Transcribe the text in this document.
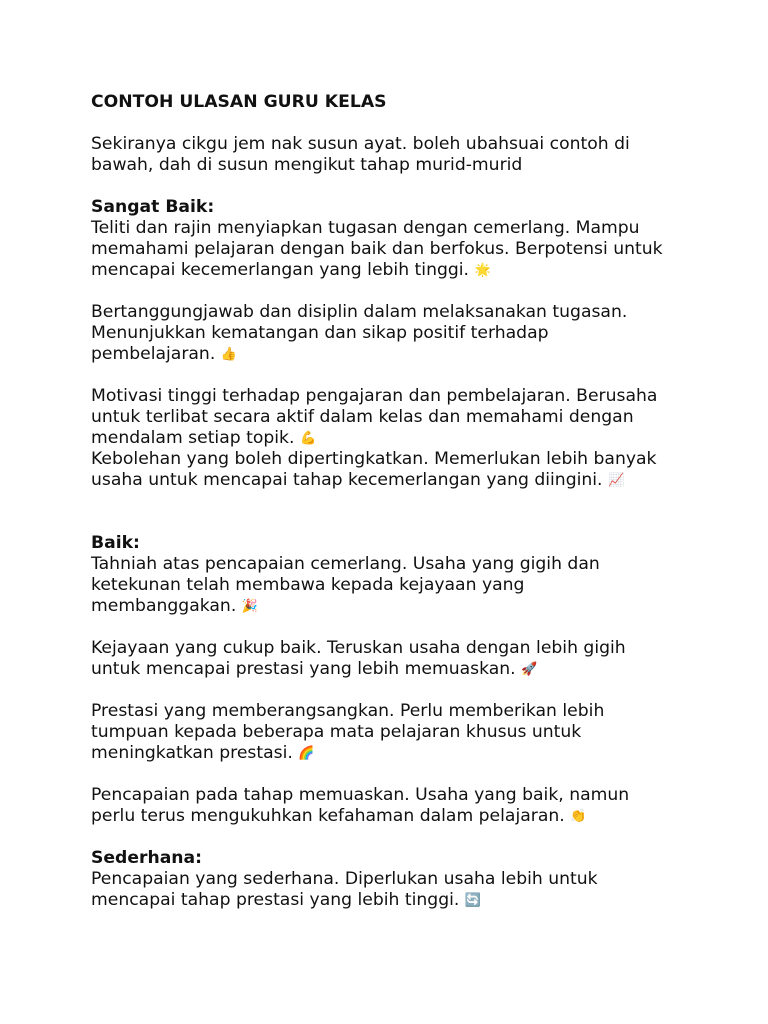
CONTOH ULASAN GURU KELAS
Sekiranya cikgu jem nak susun ayat. boleh ubahsuai contoh di
bawah, dah di susun mengikut tahap murid-murid
Sangat Baik:
Teliti dan rajin menyiapkan tugasan dengan cemerlang. Mampu
memahami pelajaran dengan baik dan berfokus. Berpotensi untuk
mencapai kecemerlangan yang lebih tinggi. 🌟
Bertanggungjawab dan disiplin dalam melaksanakan tugasan.
Menunjukkan kematangan dan sikap positif terhadap
pembelajaran. 👍
Motivasi tinggi terhadap pengajaran dan pembelajaran. Berusaha
untuk terlibat secara aktif dalam kelas dan memahami dengan
mendalam setiap topik. 💪
Kebolehan yang boleh dipertingkatkan. Memerlukan lebih banyak
usaha untuk mencapai tahap kecemerlangan yang diingini. 📈
Baik:
Tahniah atas pencapaian cemerlang. Usaha yang gigih dan
ketekunan telah membawa kepada kejayaan yang
membanggakan. 🎉
Kejayaan yang cukup baik. Teruskan usaha dengan lebih gigih
untuk mencapai prestasi yang lebih memuaskan. 🚀
Prestasi yang memberangsangkan. Perlu memberikan lebih
tumpuan kepada beberapa mata pelajaran khusus untuk
meningkatkan prestasi. 🌈
Pencapaian pada tahap memuaskan. Usaha yang baik, namun
perlu terus mengukuhkan kefahaman dalam pelajaran. 👏
Sederhana:
Pencapaian yang sederhana. Diperlukan usaha lebih untuk
mencapai tahap prestasi yang lebih tinggi. 🔄
